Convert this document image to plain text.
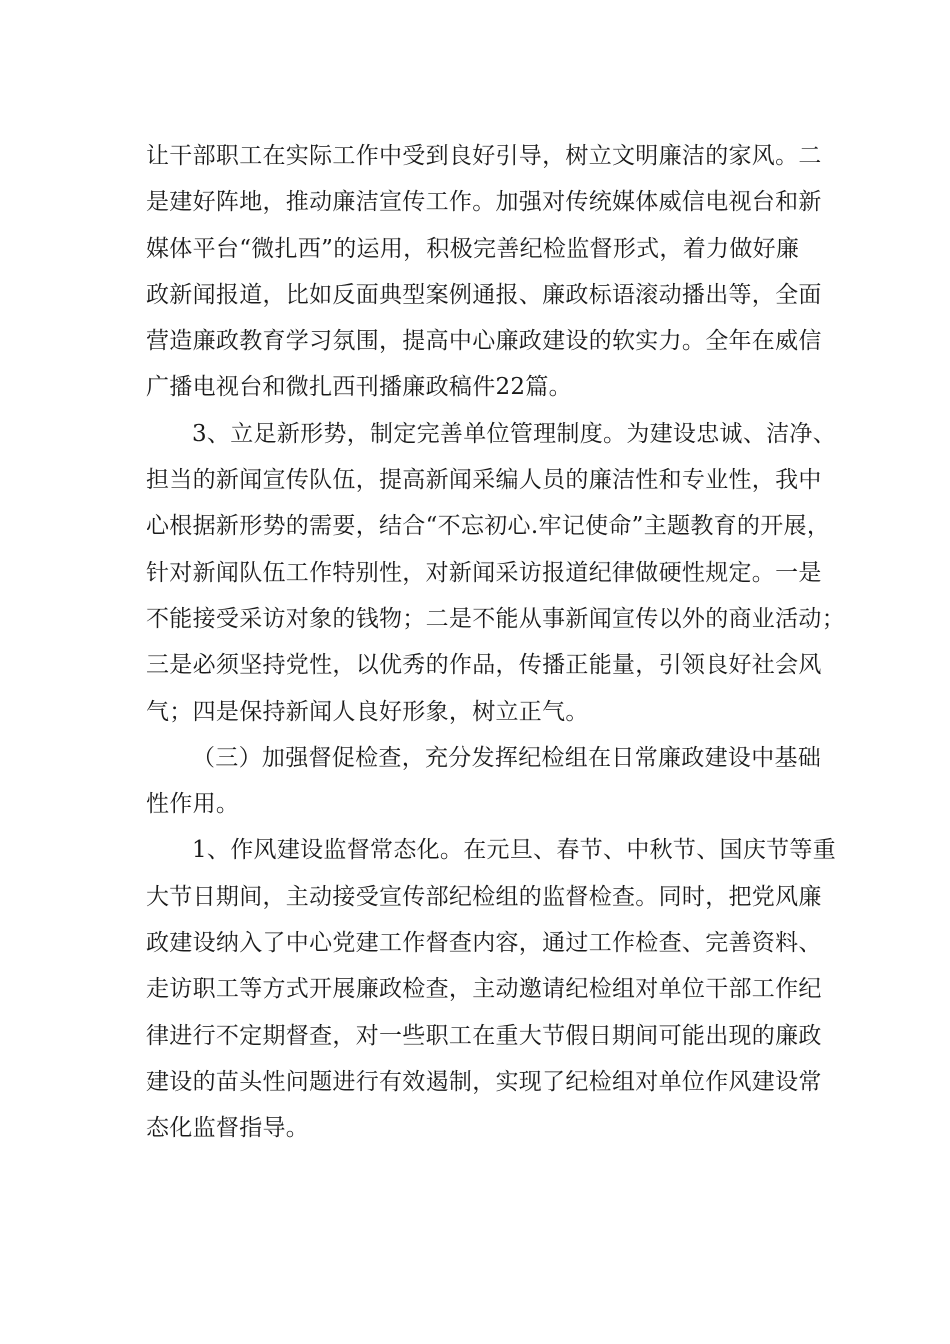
让干部职工在实际工作中受到良好引导，树立文明廉洁的家风。二
是建好阵地，推动廉洁宣传工作。加强对传统媒体威信电视台和新
媒体平台“微扎西”的运用，积极完善纪检监督形式，着力做好廉
政新闻报道，比如反面典型案例通报、廉政标语滚动播出等，全面
营造廉政教育学习氛围，提高中心廉政建设的软实力。全年在威信
广播电视台和微扎西刊播廉政稿件22篇。
3、立足新形势，制定完善单位管理制度。为建设忠诚、洁净、
担当的新闻宣传队伍，提高新闻采编人员的廉洁性和专业性，我中
心根据新形势的需要，结合“不忘初心.牢记使命”主题教育的开展，
针对新闻队伍工作特别性，对新闻采访报道纪律做硬性规定。一是
不能接受采访对象的钱物；二是不能从事新闻宣传以外的商业活动；
三是必须坚持党性，以优秀的作品，传播正能量，引领良好社会风
气；四是保持新闻人良好形象，树立正气。
（三）加强督促检查，充分发挥纪检组在日常廉政建设中基础
性作用。
1、作风建设监督常态化。在元旦、春节、中秋节、国庆节等重
大节日期间，主动接受宣传部纪检组的监督检查。同时，把党风廉
政建设纳入了中心党建工作督查内容，通过工作检查、完善资料、
走访职工等方式开展廉政检查，主动邀请纪检组对单位干部工作纪
律进行不定期督查，对一些职工在重大节假日期间可能出现的廉政
建设的苗头性问题进行有效遏制，实现了纪检组对单位作风建设常
态化监督指导。
